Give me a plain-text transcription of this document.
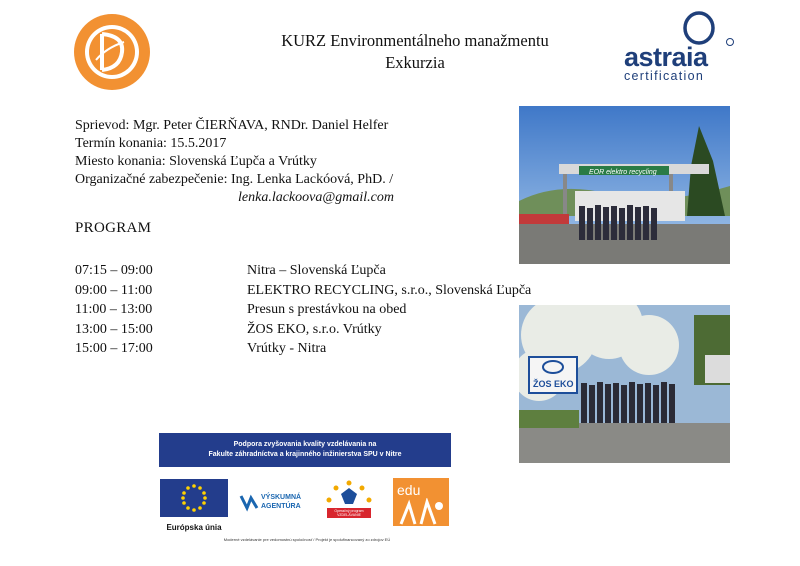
KURZ Environmentálneho manažmentu
Exkurzia	astraia
certification
Sprievod: Mgr. Peter ČIERŇAVA, RNDr. Daniel Helfer
Termín konania: 15.5.2017
Miesto konania: Slovenská Ľupča a Vrútky
Organizačné zabezpečenie: Ing. Lenka Lackóová, PhD. /
lenka.lackoova@gmail.com
PROGRAM
07:15 – 09:00	Nitra – Slovenská Ľupča
09:00 – 11:00	ELEKTRO RECYCLING, s.r.o., Slovenská Ľupča
11:00 – 13:00	Presun s prestávkou na obed
13:00 – 15:00	ŽOS EKO, s.r.o. Vrútky
15:00 – 17:00	Vrútky - Nitra
EOR elektro recycling
ŽOS EKO
Podpora zvyšovania kvality vzdelávania na
Fakulte záhradníctva a krajinného inžinierstva SPU v Nitre
Európska únia
VÝSKUMNÁ
AGENTÚRA
Operačný program VZDELÁVANIE
edu
Moderné vzdelávanie pre vedomostnú spoločnosť / Projekt je spolufinancovaný zo zdrojov EÚ
